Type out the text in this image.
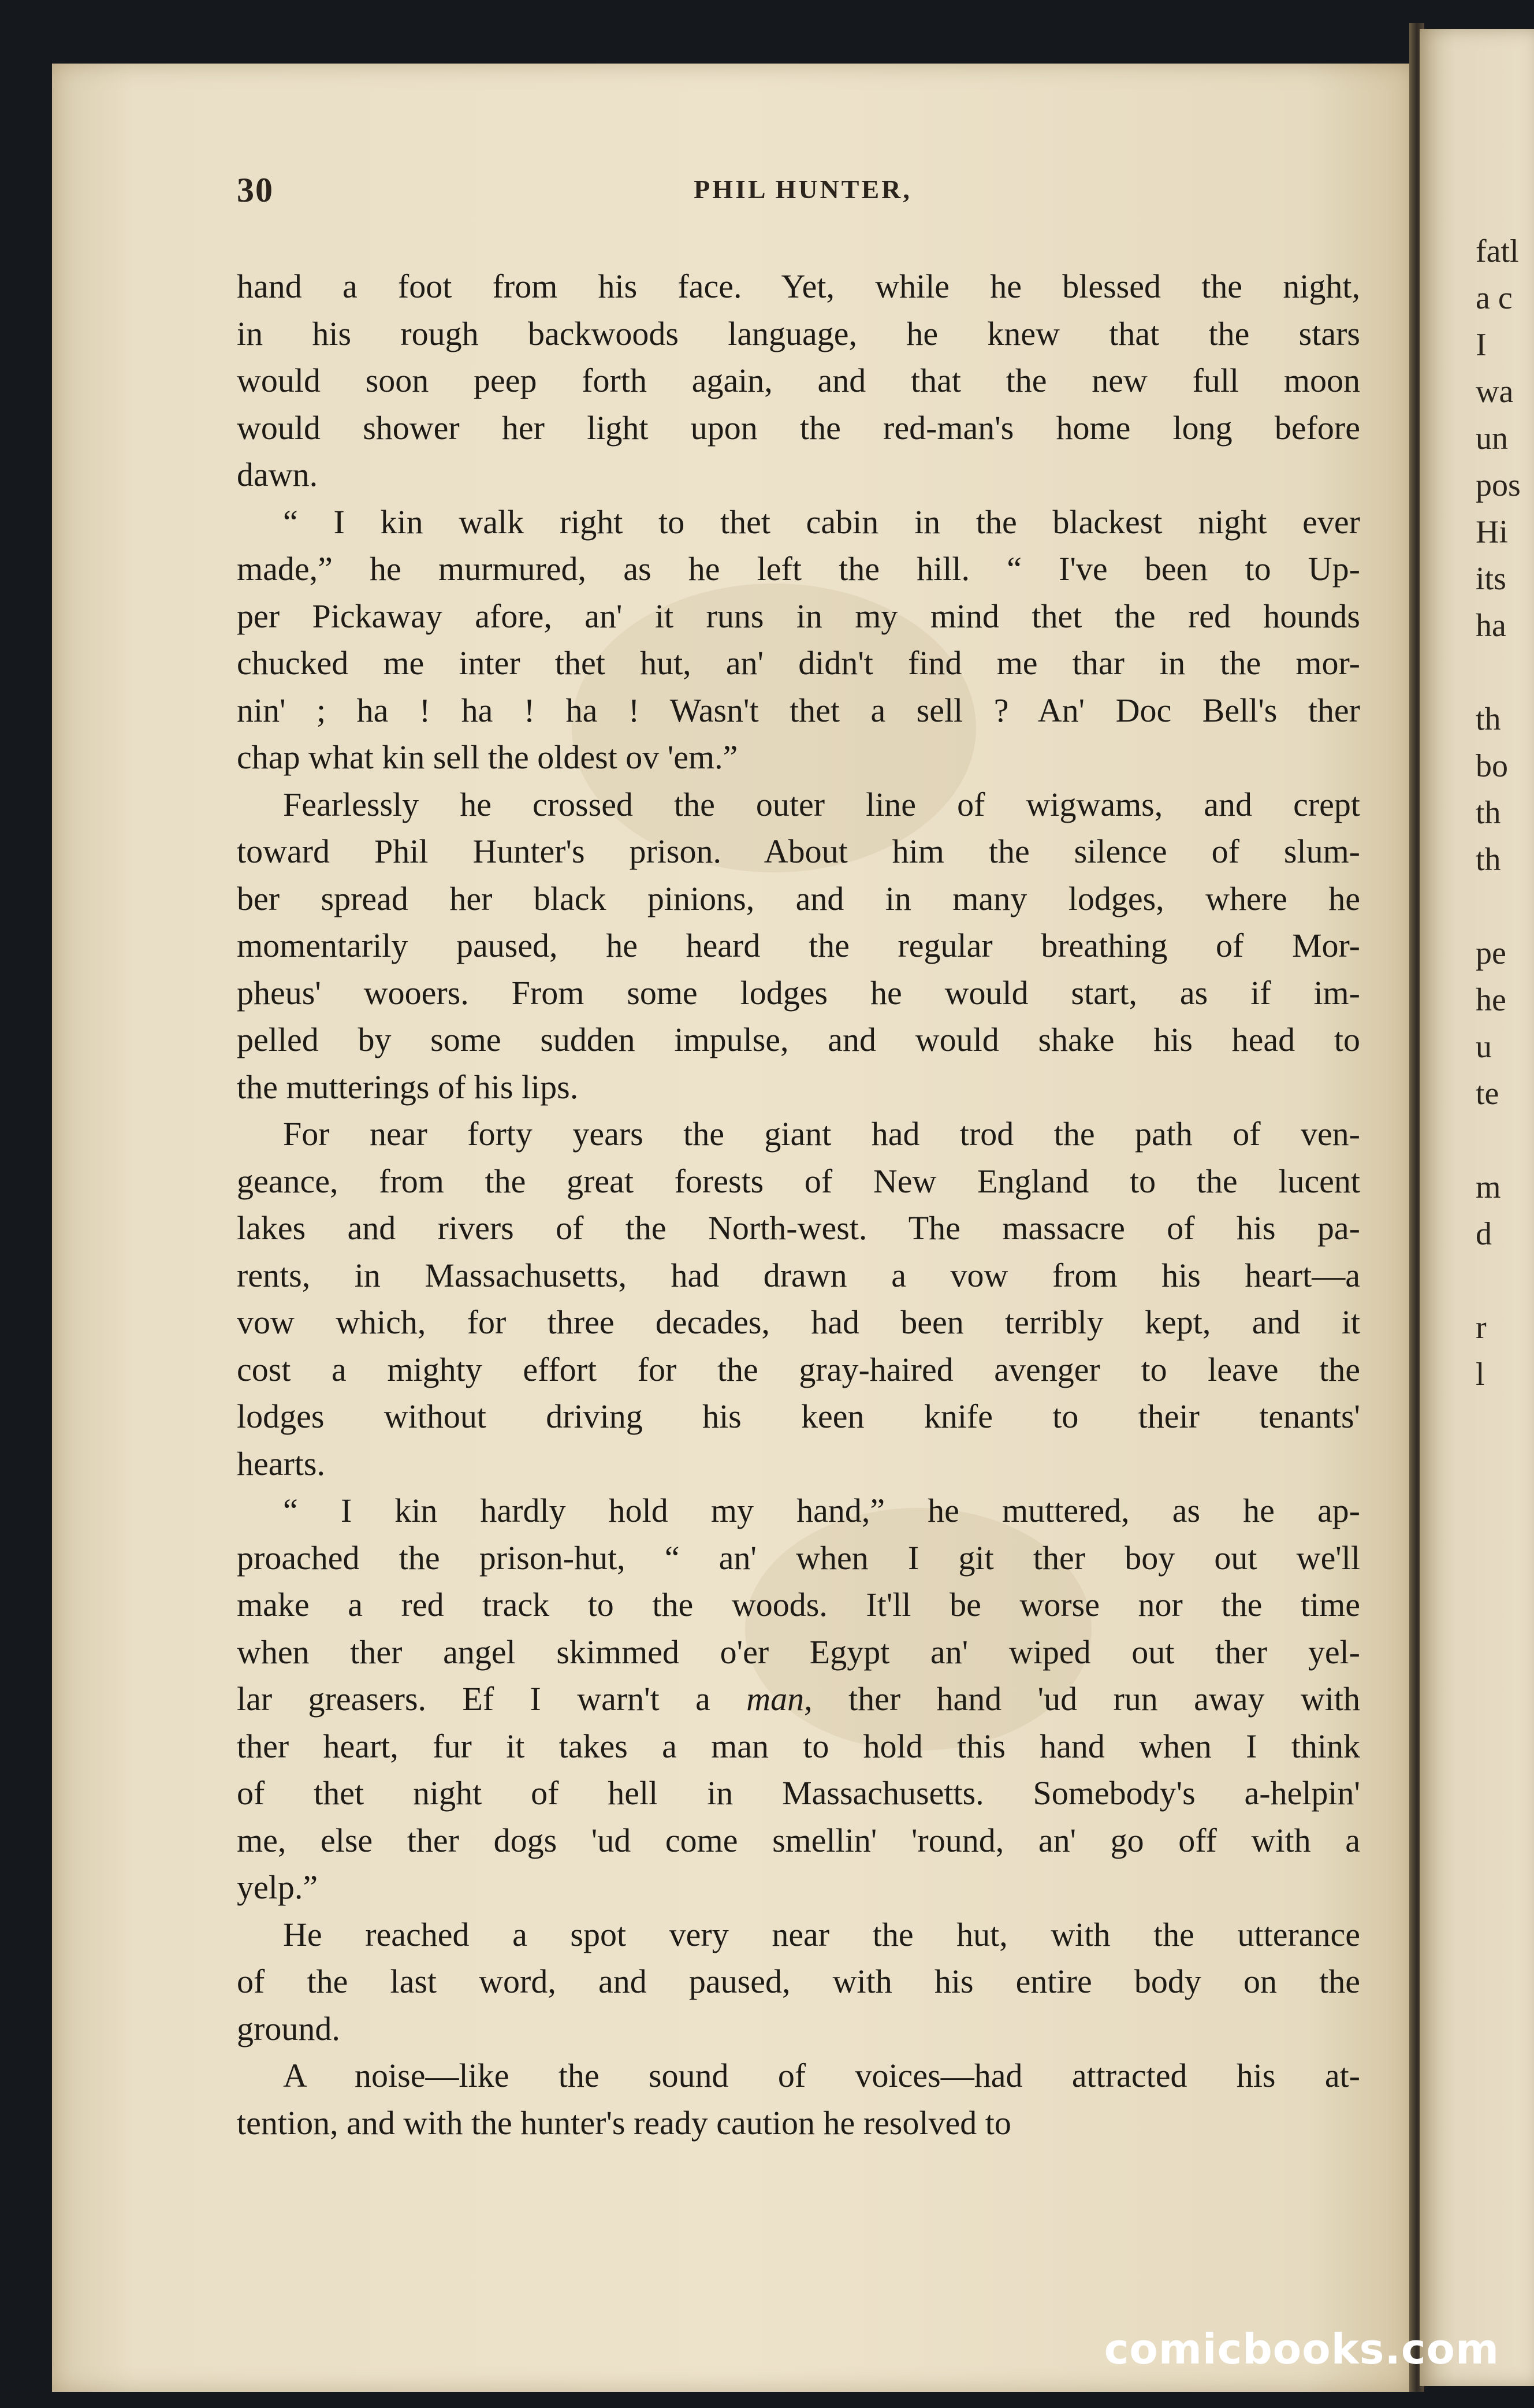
30	PHIL HUNTER,
hand a foot from his face. Yet, while he blessed the night,
in his rough backwoods language, he knew that the stars
would soon peep forth again, and that the new full moon
would shower her light upon the red-man's home long before
dawn.
“ I kin walk right to thet cabin in the blackest night ever
made,” he murmured, as he left the hill. “ I've been to Up-
per Pickaway afore, an' it runs in my mind thet the red hounds
chucked me inter thet hut, an' didn't find me thar in the mor-
nin' ; ha ! ha ! ha ! Wasn't thet a sell ? An' Doc Bell's ther
chap what kin sell the oldest ov 'em.”
Fearlessly he crossed the outer line of wigwams, and crept
toward Phil Hunter's prison. About him the silence of slum-
ber spread her black pinions, and in many lodges, where he
momentarily paused, he heard the regular breathing of Mor-
pheus' wooers. From some lodges he would start, as if im-
pelled by some sudden impulse, and would shake his head to
the mutterings of his lips.
For near forty years the giant had trod the path of ven-
geance, from the great forests of New England to the lucent
lakes and rivers of the North-west. The massacre of his pa-
rents, in Massachusetts, had drawn a vow from his heart—a
vow which, for three decades, had been terribly kept, and it
cost a mighty effort for the gray-haired avenger to leave the
lodges without driving his keen knife to their tenants'
hearts.
“ I kin hardly hold my hand,” he muttered, as he ap-
proached the prison-hut, “ an' when I git ther boy out we'll
make a red track to the woods. It'll be worse nor the time
when ther angel skimmed o'er Egypt an' wiped out ther yel-
lar greasers. Ef I warn't a man, ther hand 'ud run away with
ther heart, fur it takes a man to hold this hand when I think
of thet night of hell in Massachusetts. Somebody's a-helpin'
me, else ther dogs 'ud come smellin' 'round, an' go off with a
yelp.”
He reached a spot very near the hut, with the utterance
of the last word, and paused, with his entire body on the
ground.
A noise—like the sound of voices—had attracted his at-
tention, and with the hunter's ready caution he resolved to
fatl
a c
I
wa
un
pos
Hi
its
ha
th
bo
th
th
pe
he
u
te
m
d
r
l
comicbooks.com
